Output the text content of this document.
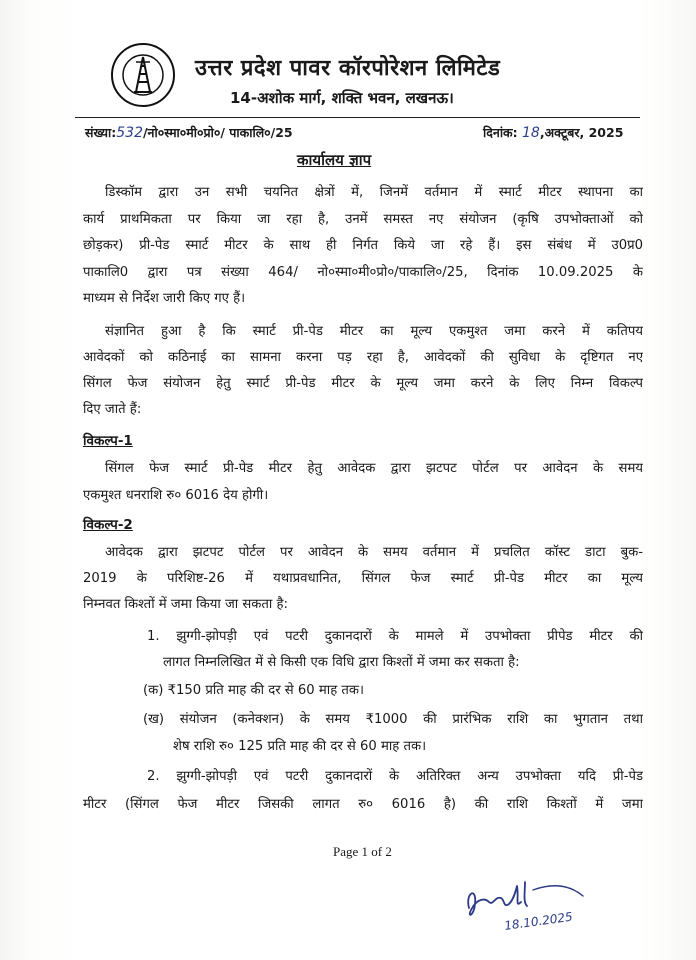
उत्तर प्रदेश पावर कॉरपोरेशन लिमिटेड
14-अशोक मार्ग, शक्ति भवन, लखनऊ।
संख्या:532/नो०स्मा०मी०प्रो०/ पाकालि०/25	दिनांक: 18,अक्टूबर, 2025
कार्यालय ज्ञाप
डिस्कॉम द्वारा उन सभी चयनित क्षेत्रों में, जिनमें वर्तमान में स्मार्ट मीटर स्थापना का
कार्य प्राथमिकता पर किया जा रहा है, उनमें समस्त नए संयोजन (कृषि उपभोक्ताओं को
छोड़कर) प्री-पेड स्मार्ट मीटर के साथ ही निर्गत किये जा रहे हैं। इस संबंध में उ0प्र0
पाकालि0 द्वारा पत्र संख्या 464/ नो०स्मा०मी०प्रो०/पाकालि०/25, दिनांक 10.09.2025 के
माध्यम से निर्देश जारी किए गए हैं।
संज्ञानित हुआ है कि स्मार्ट प्री-पेड मीटर का मूल्य एकमुश्त जमा करने में कतिपय
आवेदकों को कठिनाई का सामना करना पड़ रहा है, आवेदकों की सुविधा के दृष्टिगत नए
सिंगल फेज संयोजन हेतु स्मार्ट प्री-पेड मीटर के मूल्य जमा करने के लिए निम्न विकल्प
दिए जाते हैं:
विकल्प-1
सिंगल फेज स्मार्ट प्री-पेड मीटर हेतु आवेदक द्वारा झटपट पोर्टल पर आवेदन के समय
एकमुश्त धनराशि रु० 6016 देय होगी।
विकल्प-2
आवेदक द्वारा झटपट पोर्टल पर आवेदन के समय वर्तमान में प्रचलित कॉस्ट डाटा बुक-
2019 के परिशिष्ट-26 में यथाप्रवधानित, सिंगल फेज स्मार्ट प्री-पेड मीटर का मूल्य
निम्नवत किश्तों में जमा किया जा सकता है:
1. झुग्गी-झोपड़ी एवं पटरी दुकानदारों के मामले में उपभोक्ता प्रीपेड मीटर की
लागत निम्नलिखित में से किसी एक विधि द्वारा किश्तों में जमा कर सकता है:
(क) ₹150 प्रति माह की दर से 60 माह तक।
(ख) संयोजन (कनेक्शन) के समय ₹1000 की प्रारंभिक राशि का भुगतान तथा
शेष राशि रु० 125 प्रति माह की दर से 60 माह तक।
2. झुग्गी-झोपड़ी एवं पटरी दुकानदारों के अतिरिक्त अन्य उपभोक्ता यदि प्री-पेड
मीटर (सिंगल फेज मीटर जिसकी लागत रु० 6016 है) की राशि किश्तों में जमा
Page 1 of 2
18.10.2025
